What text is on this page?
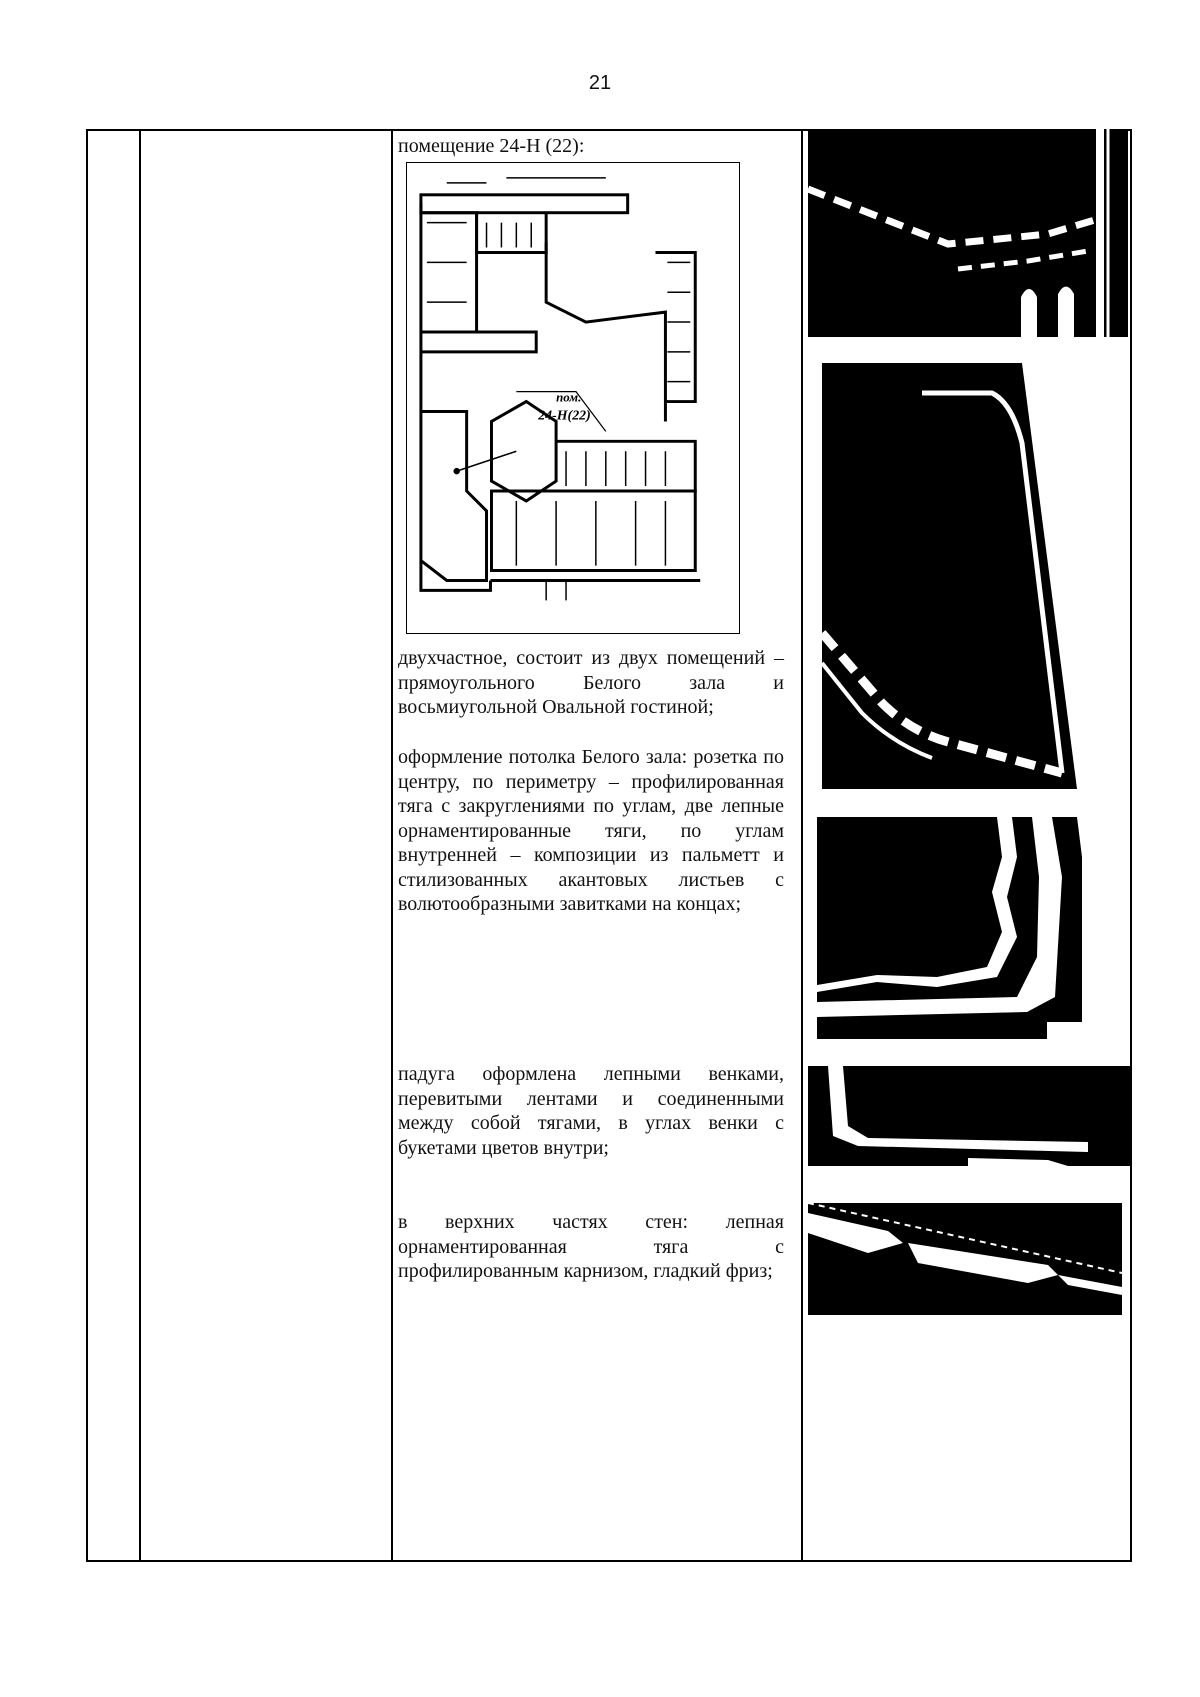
21
помещение 24-Н (22):
пом.
24-Н(22)
двухчастное, состоит из двух помещений – прямоугольного Белого зала и восьмиугольной Овальной гостиной;
оформление потолка Белого зала: розетка по центру, по периметру – профилированная тяга с закруглениями по углам, две лепные орнаментированные тяги, по углам внутренней – композиции из пальметт и стилизованных акантовых листьев с волютообразными завитками на концах;
падуга оформлена лепными венками, перевитыми лентами и соединенными между собой тягами, в углах венки с букетами цветов внутри;
в верхних частях стен: лепная орнаментированная тяга с профилированным карнизом, гладкий фриз;
